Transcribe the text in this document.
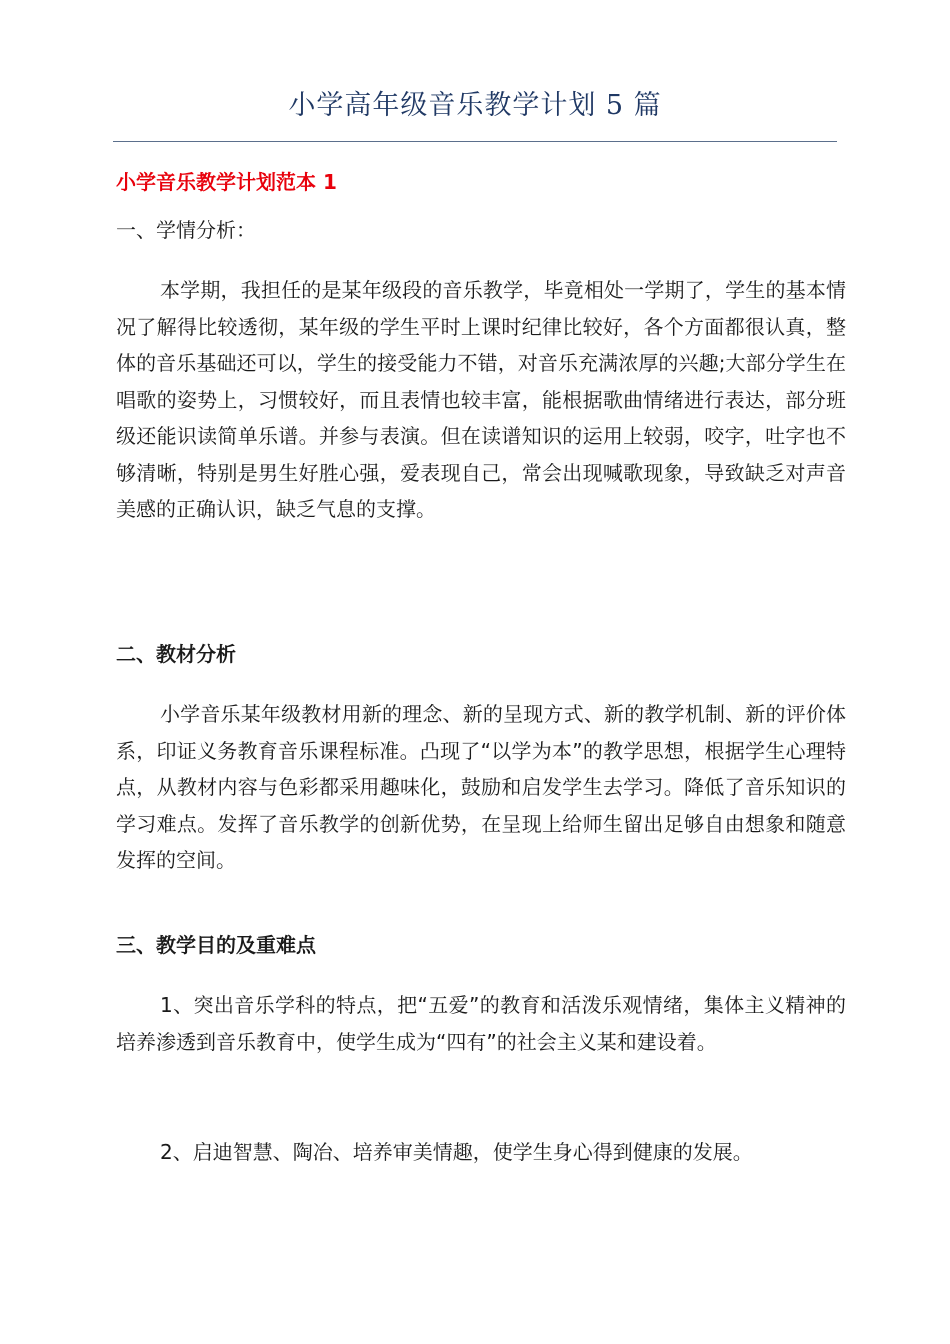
小学高年级音乐教学计划 5 篇
小学音乐教学计划范本 1
一、学情分析：

本学期，我担任的是某年级段的音乐教学，毕竟相处一学期了，学生的基本情况了解得比较透彻，某年级的学生平时上课时纪律比较好，各个方面都很认真，整体的音乐基础还可以，学生的接受能力不错，对音乐充满浓厚的兴趣;大部分学生在唱歌的姿势上，习惯较好，而且表情也较丰富，能根据歌曲情绪进行表达，部分班级还能识读简单乐谱。并参与表演。但在读谱知识的运用上较弱，咬字，吐字也不够清晰，特别是男生好胜心强，爱表现自己，常会出现喊歌现象，导致缺乏对声音美感的正确认识，缺乏气息的支撑。

二、教材分析

小学音乐某年级教材用新的理念、新的呈现方式、新的教学机制、新的评价体系，印证义务教育音乐课程标准。凸现了“以学为本”的教学思想，根据学生心理特点，从教材内容与色彩都采用趣味化，鼓励和启发学生去学习。降低了音乐知识的学习难点。发挥了音乐教学的创新优势，在呈现上给师生留出足够自由想象和随意发挥的空间。

三、教学目的及重难点

1、突出音乐学科的特点，把“五爱”的教育和活泼乐观情绪，集体主义精神的培养渗透到音乐教育中，使学生成为“四有”的社会主义某和建设着。

2、启迪智慧、陶冶、培养审美情趣，使学生身心得到健康的发展。
